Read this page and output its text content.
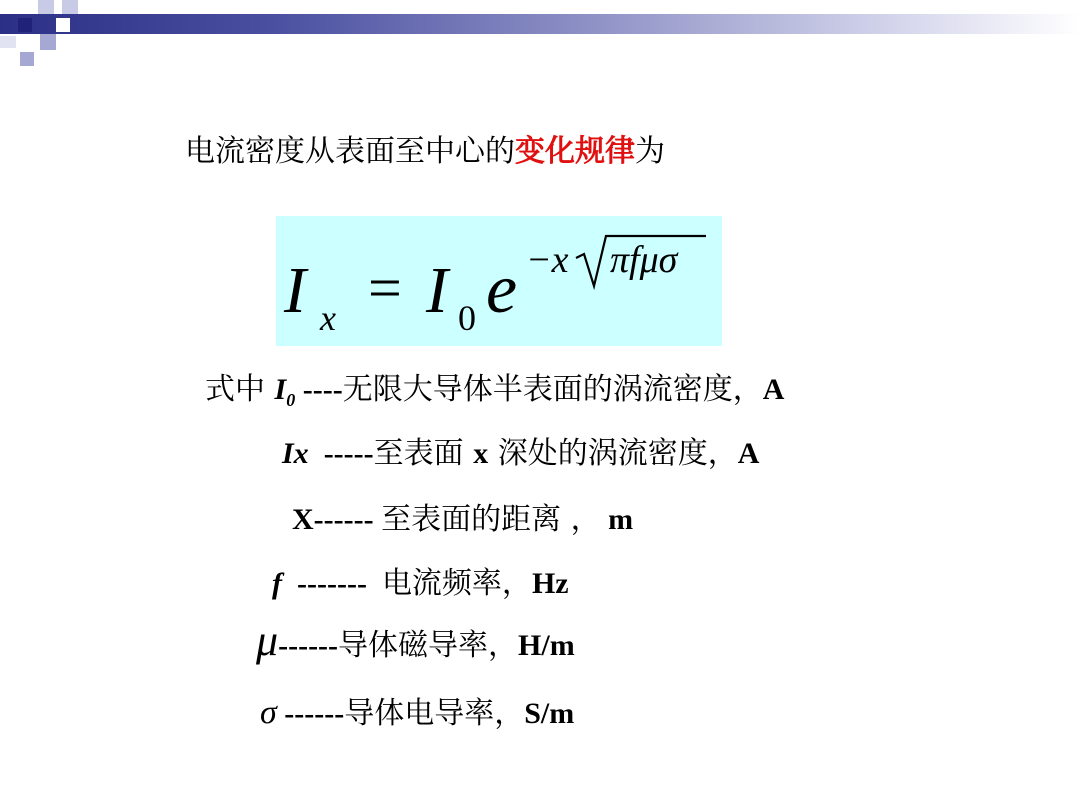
电流密度从表面至中心的变化规律为
I x = I 0 e −x πfμσ
式中 $I_0$ ----无限大导体半表面的涡流密度，A
Ix  -----至表面 x 深处的涡流密度，A
X------ 至表面的距离 ， m
f  -------  电流频率，Hz
μ------导体磁导率，H/m
σ ------导体电导率，S/m
